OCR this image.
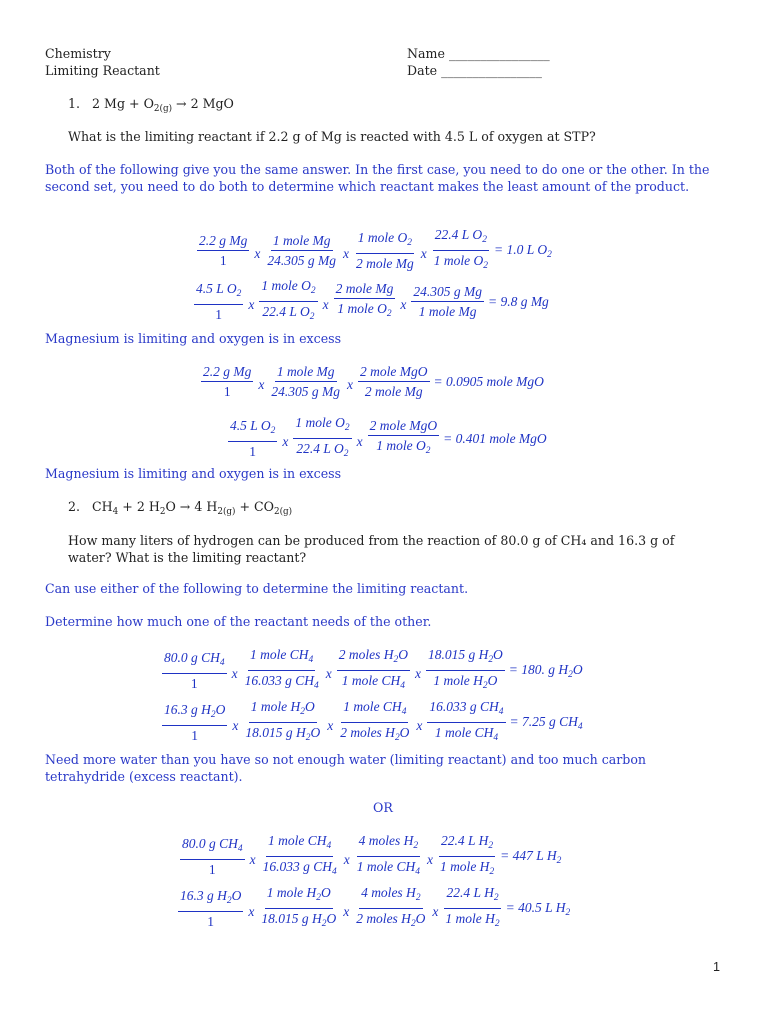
Chemistry
Limiting Reactant
Name ________________
Date ________________
1.   2 $Mg + O_{2(g)} \to 2$ MgO
What is the limiting reactant if 2.2 g of Mg is reacted with 4.5 L of oxygen at STP?
Both of the following give you the same answer. In the first case, you need to do one or the other. In the second set, you need to do both to determine which reactant makes the least amount of the product.
$\frac{\text{2.2 g Mg}}{1}$ x $\frac{\text{1 mole Mg}}{\text{24.305 g Mg}}$ x $\frac{1 mole O_2}{\text{2 mole Mg}}$ x $\frac{22.4 L O_2}{1 mole O_2} = 1.0$ L $O_2$
$\frac{4.5 L O_2}{1}$ x $\frac{1 mole O_2}{22.4 L O_2}$ x $\frac{\text{2 mole Mg}}{1 mole O_2}$ x $\frac{\text{24.305 g Mg}}{\text{1 mole Mg}} = 9.8$ g Mg
Magnesium is limiting and oxygen is in excess
$\frac{\text{2.2 g Mg}}{1}$ x $\frac{\text{1 mole Mg}}{\text{24.305 g Mg}}$ x $\frac{\text{2 mole MgO}}{\text{2 mole Mg}} = 0.0905$ mole MgO
$\frac{4.5 L O_2}{1}$ x $\frac{1 mole O_2}{22.4 L O_2}$ x $\frac{\text{2 mole MgO}}{1 mole O_2} = 0.401$ mole MgO
Magnesium is limiting and oxygen is in excess
2.   $CH_4 + 2$ $H_2O \to 4$ $H_{2(g)} + CO_{2(g)}$
How many liters of hydrogen can be produced from the reaction of 80.0 g of CH₄ and 16.3 g of water? What is the limiting reactant?
Can use either of the following to determine the limiting reactant.
Determine how much one of the reactant needs of the other.
$\frac{80.0 g CH_4}{1}$ x $\frac{1 mole CH_4}{16.033 g CH_4}$ x $\frac{2 moles H_2O}{1 mole CH_4}$ x $\frac{18.015 g H_2O}{1 mole H_2O} = 180$. g $H_2O$
$\frac{16.3 g H_2O}{1}$ x $\frac{1 mole H_2O}{18.015 g H_2O}$ x $\frac{1 mole CH_4}{2 moles H_2O}$ x $\frac{16.033 g CH_4}{1 mole CH_4} = 7.25$ g $CH_4$
Need more water than you have so not enough water (limiting reactant) and too much carbon tetrahydride (excess reactant).
OR
$\frac{80.0 g CH_4}{1}$ x $\frac{1 mole CH_4}{16.033 g CH_4}$ x $\frac{4 moles H_2}{1 mole CH_4}$ x $\frac{22.4 L H_2}{1 mole H_2} = 447$ L $H_2$
$\frac{16.3 g H_2O}{1}$ x $\frac{1 mole H_2O}{18.015 g H_2O}$ x $\frac{4 moles H_2}{2 moles H_2O}$ x $\frac{22.4 L H_2}{1 mole H_2} = 40.5$ L $H_2$
1
